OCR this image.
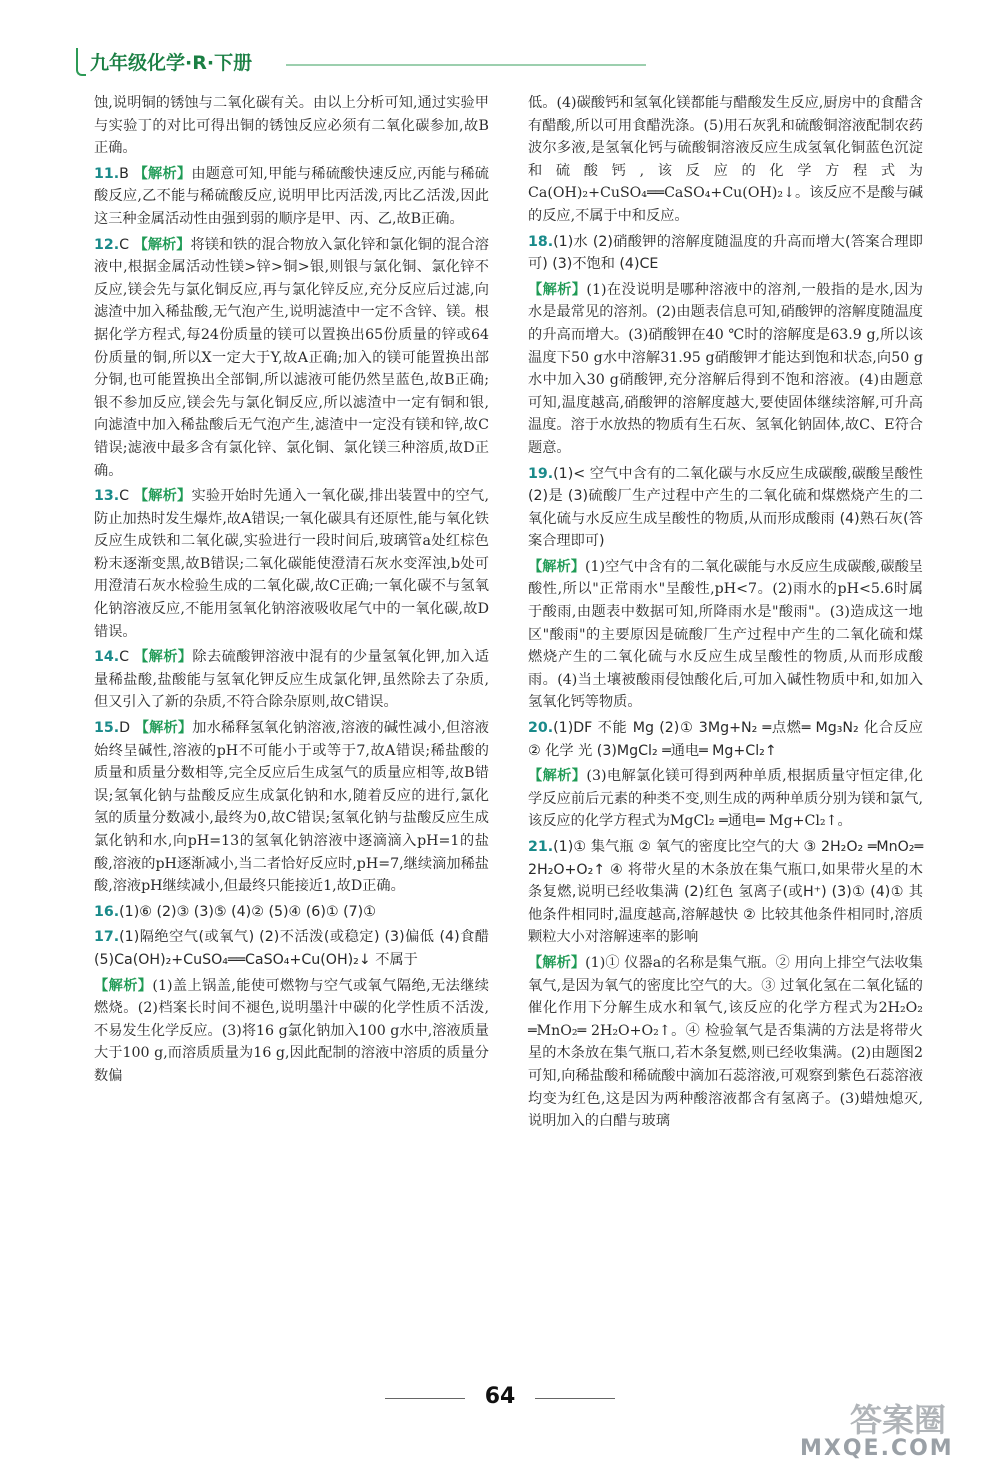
九年级化学·R·下册

蚀,说明铜的锈蚀与二氧化碳有关。由以上分析可知,通过实验甲与实验丁的对比可得出铜的锈蚀反应必须有二氧化碳参加,故B正确。

11.B 【解析】由题意可知,甲能与稀硫酸快速反应,丙能与稀硫酸反应,乙不能与稀硫酸反应,说明甲比丙活泼,丙比乙活泼,因此这三种金属活动性由强到弱的顺序是甲、丙、乙,故B正确。

12.C 【解析】将镁和铁的混合物放入氯化锌和氯化铜的混合溶液中,根据金属活动性镁>锌>铜>银,则银与氯化铜、氯化锌不反应,镁会先与氯化铜反应,再与氯化锌反应,充分反应后过滤,向滤渣中加入稀盐酸,无气泡产生,说明滤渣中一定不含锌、镁。根据化学方程式,每24份质量的镁可以置换出65份质量的锌或64份质量的铜,所以X一定大于Y,故A正确;加入的镁可能置换出部分铜,也可能置换出全部铜,所以滤液可能仍然呈蓝色,故B正确;银不参加反应,镁会先与氯化铜反应,所以滤渣中一定有铜和银,向滤渣中加入稀盐酸后无气泡产生,滤渣中一定没有镁和锌,故C错误;滤液中最多含有氯化锌、氯化铜、氯化镁三种溶质,故D正确。

13.C 【解析】实验开始时先通入一氧化碳,排出装置中的空气,防止加热时发生爆炸,故A错误;一氧化碳具有还原性,能与氧化铁反应生成铁和二氧化碳,实验进行一段时间后,玻璃管a处红棕色粉末逐渐变黑,故B错误;二氧化碳能使澄清石灰水变浑浊,b处可用澄清石灰水检验生成的二氧化碳,故C正确;一氧化碳不与氢氧化钠溶液反应,不能用氢氧化钠溶液吸收尾气中的一氧化碳,故D错误。

14.C 【解析】除去硫酸钾溶液中混有的少量氢氧化钾,加入适量稀盐酸,盐酸能与氢氧化钾反应生成氯化钾,虽然除去了杂质,但又引入了新的杂质,不符合除杂原则,故C错误。

15.D 【解析】加水稀释氢氧化钠溶液,溶液的碱性减小,但溶液始终呈碱性,溶液的pH不可能小于或等于7,故A错误;稀盐酸的质量和质量分数相等,完全反应后生成氢气的质量应相等,故B错误;氢氧化钠与盐酸反应生成氯化钠和水,随着反应的进行,氯化氢的质量分数减小,最终为0,故C错误;氢氧化钠与盐酸反应生成氯化钠和水,向pH=13的氢氧化钠溶液中逐滴滴入pH=1的盐酸,溶液的pH逐渐减小,当二者恰好反应时,pH=7,继续滴加稀盐酸,溶液pH继续减小,但最终只能接近1,故D正确。

16.(1)⑥ (2)③ (3)⑤ (4)② (5)④ (6)① (7)①

17.(1)隔绝空气(或氧气) (2)不活泼(或稳定) (3)偏低 (4)食醋 (5)Ca(OH)₂+CuSO₄══CaSO₄+Cu(OH)₂↓ 不属于

【解析】(1)盖上锅盖,能使可燃物与空气或氧气隔绝,无法继续燃烧。(2)档案长时间不褪色,说明墨汁中碳的化学性质不活泼,不易发生化学反应。(3)将16 g氯化钠加入100 g水中,溶液质量大于100 g,而溶质质量为16 g,因此配制的溶液中溶质的质量分数偏

低。(4)碳酸钙和氢氧化镁都能与醋酸发生反应,厨房中的食醋含有醋酸,所以可用食醋洗涤。(5)用石灰乳和硫酸铜溶液配制农药波尔多液,是氢氧化钙与硫酸铜溶液反应生成氢氧化铜蓝色沉淀和硫酸钙,该反应的化学方程式为Ca(OH)₂+CuSO₄══CaSO₄+Cu(OH)₂↓。该反应不是酸与碱的反应,不属于中和反应。

18.(1)水 (2)硝酸钾的溶解度随温度的升高而增大(答案合理即可) (3)不饱和 (4)CE

【解析】(1)在没说明是哪种溶液中的溶剂,一般指的是水,因为水是最常见的溶剂。(2)由题表信息可知,硝酸钾的溶解度随温度的升高而增大。(3)硝酸钾在40 ℃时的溶解度是63.9 g,所以该温度下50 g水中溶解31.95 g硝酸钾才能达到饱和状态,向50 g水中加入30 g硝酸钾,充分溶解后得到不饱和溶液。(4)由题意可知,温度越高,硝酸钾的溶解度越大,要使固体继续溶解,可升高温度。溶于水放热的物质有生石灰、氢氧化钠固体,故C、E符合题意。

19.(1)< 空气中含有的二氧化碳与水反应生成碳酸,碳酸呈酸性 (2)是 (3)硫酸厂生产过程中产生的二氧化硫和煤燃烧产生的二氧化硫与水反应生成呈酸性的物质,从而形成酸雨 (4)熟石灰(答案合理即可)

【解析】(1)空气中含有的二氧化碳能与水反应生成碳酸,碳酸呈酸性,所以"正常雨水"呈酸性,pH<7。(2)雨水的pH<5.6时属于酸雨,由题表中数据可知,所降雨水是"酸雨"。(3)造成这一地区"酸雨"的主要原因是硫酸厂生产过程中产生的二氧化硫和煤燃烧产生的二氧化硫与水反应生成呈酸性的物质,从而形成酸雨。(4)当土壤被酸雨侵蚀酸化后,可加入碱性物质中和,如加入氢氧化钙等物质。

20.(1)DF 不能 Mg (2)① 3Mg+N₂ ═点燃═ Mg₃N₂ 化合反应 ② 化学 光 (3)MgCl₂ ═通电═ Mg+Cl₂↑

【解析】(3)电解氯化镁可得到两种单质,根据质量守恒定律,化学反应前后元素的种类不变,则生成的两种单质分别为镁和氯气,该反应的化学方程式为MgCl₂ ═通电═ Mg+Cl₂↑。

21.(1)① 集气瓶 ② 氧气的密度比空气的大 ③ 2H₂O₂ ═MnO₂═ 2H₂O+O₂↑ ④ 将带火星的木条放在集气瓶口,如果带火星的木条复燃,说明已经收集满 (2)红色 氢离子(或H⁺) (3)① (4)① 其他条件相同时,温度越高,溶解越快 ② 比较其他条件相同时,溶质颗粒大小对溶解速率的影响

【解析】(1)① 仪器a的名称是集气瓶。② 用向上排空气法收集氧气,是因为氧气的密度比空气的大。③ 过氧化氢在二氧化锰的催化作用下分解生成水和氧气,该反应的化学方程式为2H₂O₂ ═MnO₂═ 2H₂O+O₂↑。④ 检验氧气是否集满的方法是将带火星的木条放在集气瓶口,若木条复燃,则已经收集满。(2)由题图2可知,向稀盐酸和稀硫酸中滴加石蕊溶液,可观察到紫色石蕊溶液均变为红色,这是因为两种酸溶液都含有氢离子。(3)蜡烛熄灭,说明加入的白醋与玻璃

64
答案圈
MXQE.COM
